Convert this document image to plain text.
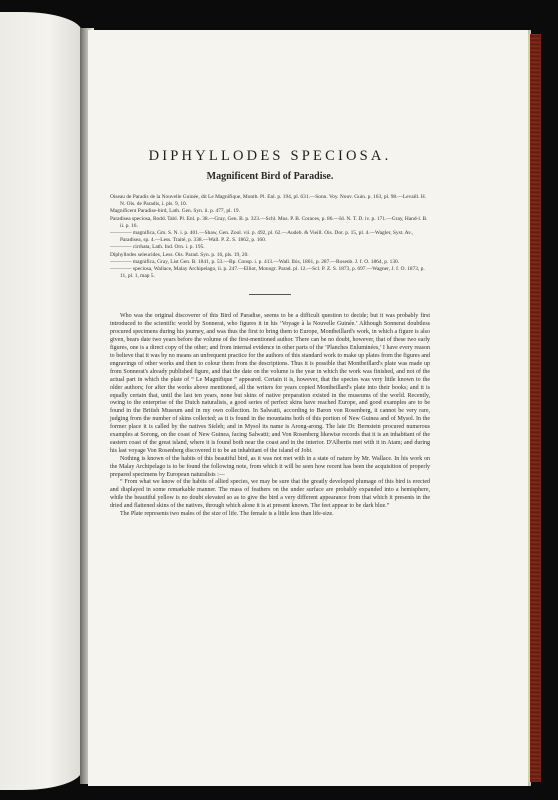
DIPHYLLODES SPECIOSA.
Magnificent Bird of Paradise.

Oiseau de Paradis de la Nouvelle Guinée, dit Le Magnifique, Montb. Pl. Enl. p. 194, pl. 631.—Sonn. Voy. Nouv. Guin. p. 163, pl. 98.—Levaill. H. N. Ois. de Paradis, i. pls. 9, 10.

Magnificent Paradise-bird, Lath. Gen. Syn. ii. p. 477, pl. 19.

Paradisea speciosa, Bodd. Tabl. Pl. Enl. p. 38.—Gray, Gen. B. p. 323.—Schl. Mus. P. B. Coraces, p. 86.—Id. N. T. D. iv. p. 171.—Gray, Hand-l. B. ii. p. 16.

———— magnifica, Gm. S. N. i. p. 401.—Shaw, Gen. Zool. vii. p. 492, pl. 62.—Audeb. & Vieill. Ois. Dor. p. 15, pl. 4.—Wagler, Syst. Av., Paradisea, sp. 4.—Less. Traité, p. 338.—Wall. P. Z. S. 1862, p. 160.

———— cirrhata, Lath. Ind. Orn. i. p. 195.

Diphyllodes seleucides, Less. Ois. Parad. Syn. p. 16, pls. 19, 20.

———— magnifica, Gray, List Gen. B. 1841, p. 53.—Bp. Consp. i. p. 413.—Wall. Ibis, 1861, p. 287.—Rosenb. J. f. O. 1864, p. 130.

———— speciosa, Wallace, Malay Archipelago, ii. p. 247.—Elliot, Monogr. Parad. pl. 12.—Scl. P. Z. S. 1873, p. 697.—Wagner, J. f. O. 1873, p. 11, pl. 1, map 5.

Who was the original discoverer of this Bird of Paradise, seems to be a difficult question to decide; but it was probably first introduced to the scientific world by Sonnerat, who figures it in his ‘Voyage à la Nouvelle Guinée.’ Although Sonnerat doubtless procured specimens during his journey, and was thus the first to bring them to Europe, Montbeillard's work, in which a figure is also given, bears date two years before the volume of the first-mentioned author. There can be no doubt, however, that of these two early figures, one is a direct copy of the other; and from internal evidence in other parts of the ‘Planches Enluminées,’ I have every reason to believe that it was by no means an unfrequent practice for the authors of this standard work to make up plates from the figures and engravings of other works and then to colour them from the descriptions. Thus it is possible that Montbeillard's plate was made up from Sonnerat's already published figure, and that the date on the volume is the year in which the work was finished, and not of the actual part in which the plate of “ Le Magnifique ” appeared. Certain it is, however, that the species was very little known to the older authors; for after the works above mentioned, all the writers for years copied Montbeillard's plate into their books; and it is equally certain that, until the last ten years, none but skins of native preparation existed in the museums of the world. Recently, owing to the enterprise of the Dutch naturalists, a good series of perfect skins have reached Europe, and good examples are to be found in the British Museum and in my own collection. In Salwatti, according to Baron von Rosenberg, it cannot be very rare, judging from the number of skins collected; as it is found in the mountains both of this portion of New Guinea and of Mysol. In the former place it is called by the natives Sieleh; and in Mysol its name is Arong-arong. The late Dr. Bernstein procured numerous examples at Sorong, on the coast of New Guinea, facing Salwatti; and Von Rosenberg likewise records that it is an inhabitant of the eastern coast of the great island, where it is found both near the coast and in the interior. D'Albertis met with it in Atam; and during his last voyage Von Rosenberg discovered it to be an inhabitant of the island of Jobi.

Nothing is known of the habits of this beautiful bird, as it was not met with in a state of nature by Mr. Wallace. In his work on the Malay Archipelago is to be found the following note, from which it will be seen how recent has been the acquisition of properly prepared specimens by European naturalists :—

“ From what we know of the habits of allied species, we may be sure that the greatly developed plumage of this bird is erected and displayed in some remarkable manner. The mass of feathers on the under surface are probably expanded into a hemisphere, while the beautiful yellow is no doubt elevated so as to give the bird a very different appearance from that which it presents in the dried and flattened skins of the natives, through which alone it is at present known. The feet appear to be dark blue.”

The Plate represents two males of the size of life. The female is a little less than life-size.
